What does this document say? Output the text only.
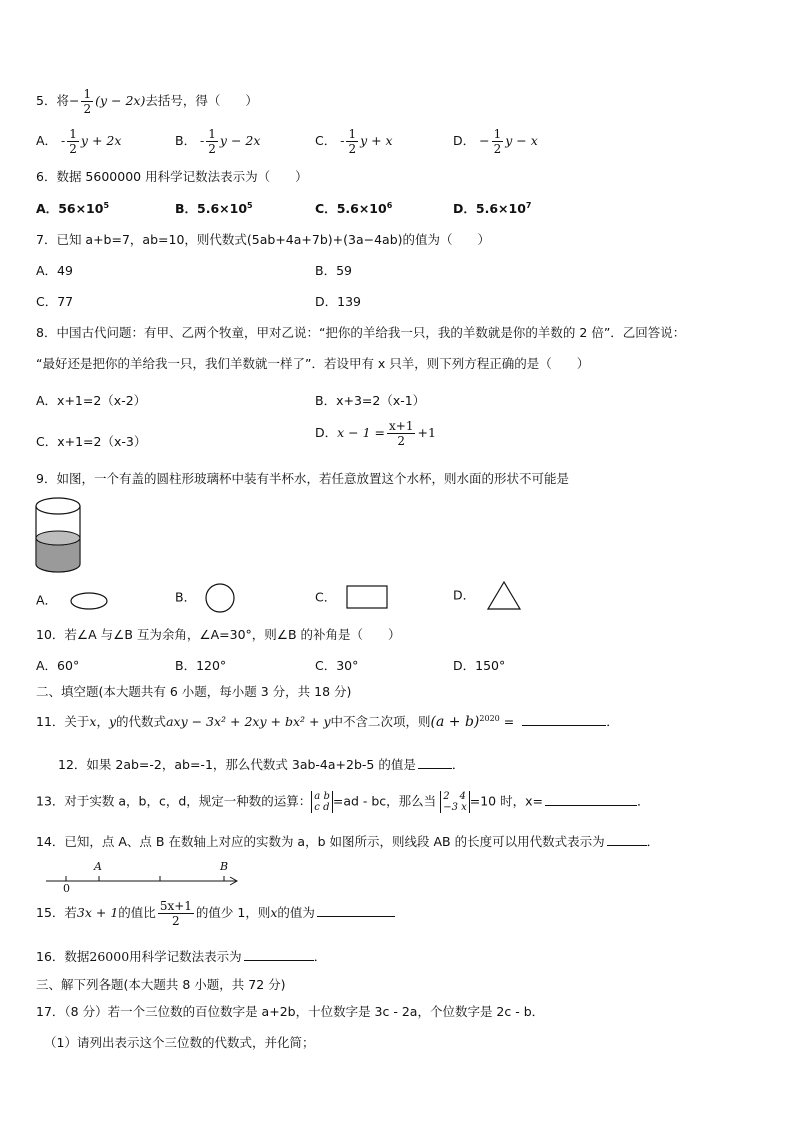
5．将− $\frac{1}{2} (y - 2x)$去括号，得（　　）
A． - $\frac{1}{2}$ y + 2x	B． - $\frac{1}{2}$ y − 2x	C． - $\frac{1}{2}$ y + x	D． − $\frac{1}{2}$ y − x
6．数据 5600000 用科学记数法表示为（　　）
A．$56\times 10^5$	B．$5.6\times 10^5$	C．$5.6\times 10^6$	D．$5.6\times 10^7$
7．已知 a+b=7，ab=10，则代数式(5ab+4a+7b)+(3a−4ab)的值为（　　）
A．49	B．59
C．77	D．139
8．中国古代问题：有甲、乙两个牧童，甲对乙说：“把你的羊给我一只，我的羊数就是你的羊数的 2 倍”．乙回答说：
“最好还是把你的羊给我一只，我们羊数就一样了”．若设甲有 x 只羊，则下列方程正确的是（　　）
A．x+1=2（x-2）	B．x+3=2（x-1）
C．x+1=2（x-3）
D．$x - 1 = \frac{x+1}{2} +1$
9．如图，一个有盖的圆柱形玻璃杯中装有半杯水，若任意放置这个水杯，则水面的形状不可能是
A．	B．	C．	D．
10．若∠A 与∠B 互为余角，∠A=30°，则∠B 的补角是（　　）
A．60°	B．120°	C．30°	D．150°
二、填空题(本大题共有 6 小题，每小题 3 分，共 18 分)
11．关于x，y的代数式axy − 3x² + 2xy + bx² + y中不含二次项，则$(a + b)^{2020}$ =	．
12．如果 2ab=-2，ab=-1，那么代数式 3ab-4a+2b-5 的值是	．
13．对于实数 a，b，c，d，规定一种数的运算： a b
c d =ad - bc，那么当 2　4
−3 x =10 时，x=	．
14．已知，点 A、点 B 在数轴上对应的实数为 a，b 如图所示，则线段 AB 的长度可以用代数式表示为	．
0
A	B
15．若3x + 1的值比 $\frac{5x+1}{2}$ 的值少 1，则x的值为
16．数据26000用科学记数法表示为	．
三、解下列各题(本大题共 8 小题，共 72 分)
17．（8 分）若一个三位数的百位数字是 a+2b，十位数字是 3c - 2a，个位数字是 2c - b．
（1）请列出表示这个三位数的代数式，并化简；
